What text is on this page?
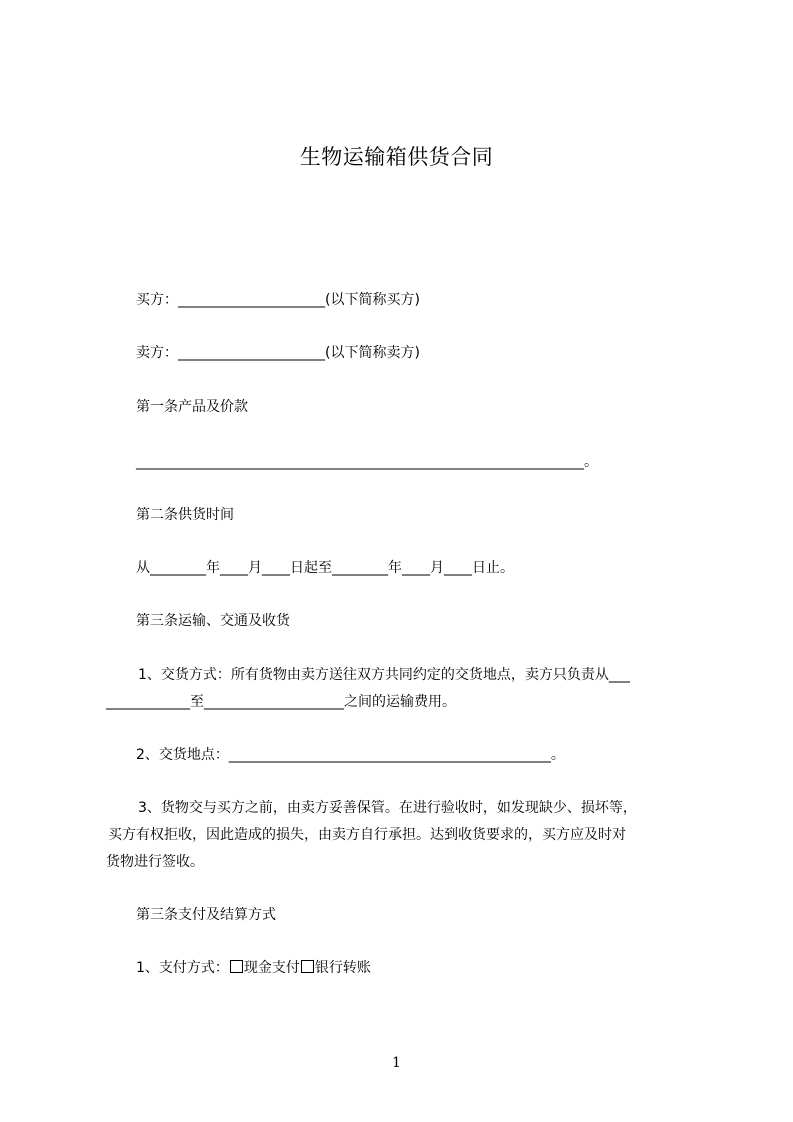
生物运输箱供货合同
买方：_____________________(以下简称买方)
卖方：_____________________(以下简称卖方)
第一条产品及价款
________________________________________________________________。
第二条供货时间
从________年____月____日起至________年____月____日止。
第三条运输、交通及收货
1、交货方式：所有货物由卖方送往双方共同约定的交货地点，卖方只负责从___
____________至____________________之间的运输费用。
2、交货地点：______________________________________________。
3、货物交与买方之前，由卖方妥善保管。在进行验收时，如发现缺少、损坏等，
买方有权拒收，因此造成的损失，由卖方自行承担。达到收货要求的，买方应及时对
货物进行签收。
第三条支付及结算方式
1、支付方式： 现金支付 银行转账
1
